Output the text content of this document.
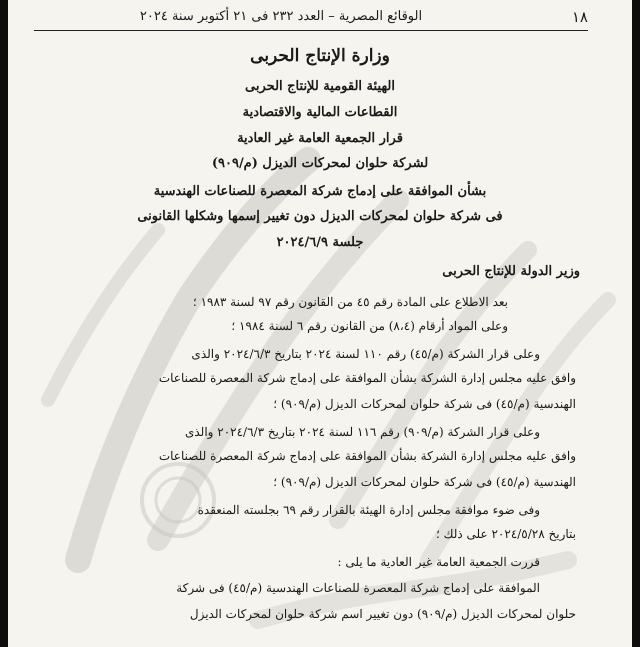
١٨
الوقائع المصرية – العدد ٢٣٢ فى ٢١ أكتوبر سنة ٢٠٢٤
وزارة الإنتاج الحربى
الهيئة القومية للإنتاج الحربى
القطاعات المالية والاقتصادية
قرار الجمعية العامة غير العادية
لشركة حلوان لمحركات الديزل (م/٩٠٩)
بشأن الموافقة على إدماج شركة المعصرة للصناعات الهندسية
فى شركة حلوان لمحركات الديزل دون تغيير إسمها وشكلها القانونى
جلسة ٢٠٢٤/٦/٩
وزير الدولة للإنتاج الحربى
بعد الاطلاع على المادة رقم ٤٥ من القانون رقم ٩٧ لسنة ١٩٨٣ ؛
وعلى المواد أرقام (٨،٤) من القانون رقم ٦ لسنة ١٩٨٤ ؛
وعلى قرار الشركة (م/٤٥) رقم ١١٠ لسنة ٢٠٢٤ بتاريخ ٢٠٢٤/٦/٣ والذى
وافق عليه مجلس إدارة الشركة بشأن الموافقة على إدماج شركة المعصرة للصناعات
الهندسية (م/٤٥) فى شركة حلوان لمحركات الديزل (م/٩٠٩) ؛
وعلى قرار الشركة (م/٩٠٩) رقم ١١٦ لسنة ٢٠٢٤ بتاريخ ٢٠٢٤/٦/٣ والذى
وافق عليه مجلس إدارة الشركة بشأن الموافقة على إدماج شركة المعصرة للصناعات
الهندسية (م/٤٥) فى شركة حلوان لمحركات الديزل (م/٩٠٩) ؛
وفى ضوء موافقة مجلس إدارة الهيئة بالقرار رقم ٦٩ بجلسته المنعقدة
بتاريخ ٢٠٢٤/٥/٢٨ على ذلك ؛
قررت الجمعية العامة غير العادية ما يلى :
الموافقة على إدماج شركة المعصرة للصناعات الهندسية (م/٤٥) فى شركة
حلوان لمحركات الديزل (م/٩٠٩) دون تغيير اسم شركة حلوان لمحركات الديزل
